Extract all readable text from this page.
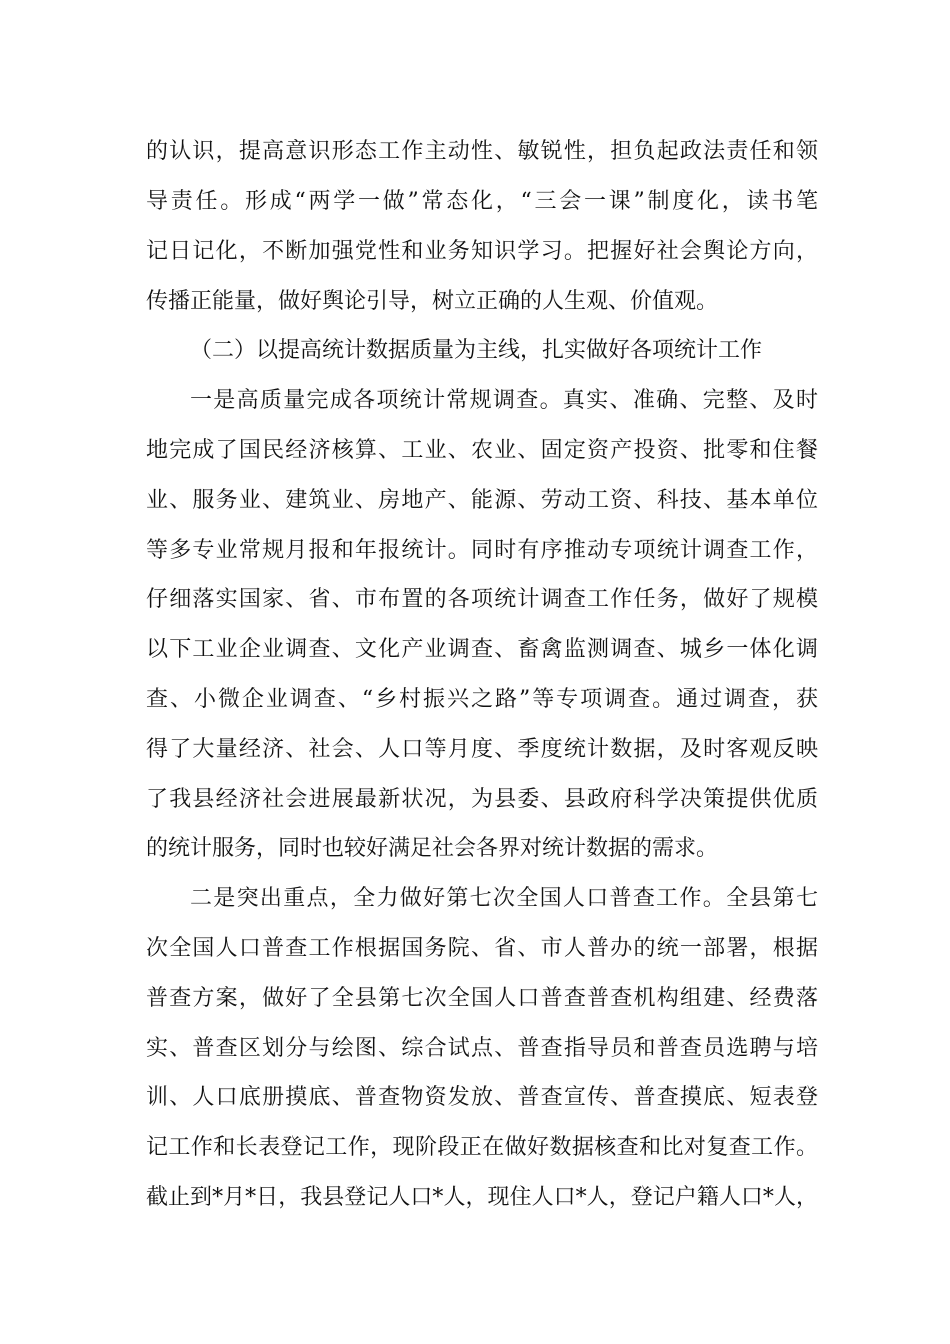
的认识，提高意识形态工作主动性、敏锐性，担负起政法责任和领

导责任。形成“两学一做”常态化，“三会一课”制度化，读书笔

记日记化，不断加强党性和业务知识学习。把握好社会舆论方向，

传播正能量，做好舆论引导，树立正确的人生观、价值观。

（二）以提高统计数据质量为主线，扎实做好各项统计工作

一是高质量完成各项统计常规调查。真实、准确、完整、及时

地完成了国民经济核算、工业、农业、固定资产投资、批零和住餐

业、服务业、建筑业、房地产、能源、劳动工资、科技、基本单位

等多专业常规月报和年报统计。同时有序推动专项统计调查工作，

仔细落实国家、省、市布置的各项统计调查工作任务，做好了规模

以下工业企业调查、文化产业调查、畜禽监测调查、城乡一体化调

查、小微企业调查、“乡村振兴之路”等专项调查。通过调查，获

得了大量经济、社会、人口等月度、季度统计数据，及时客观反映

了我县经济社会进展最新状况，为县委、县政府科学决策提供优质

的统计服务，同时也较好满足社会各界对统计数据的需求。

二是突出重点，全力做好第七次全国人口普查工作。全县第七

次全国人口普查工作根据国务院、省、市人普办的统一部署，根据

普查方案，做好了全县第七次全国人口普查普查机构组建、经费落

实、普查区划分与绘图、综合试点、普查指导员和普查员选聘与培

训、人口底册摸底、普查物资发放、普查宣传、普查摸底、短表登

记工作和长表登记工作，现阶段正在做好数据核查和比对复查工作。

截止到*月*日，我县登记人口*人，现住人口*人，登记户籍人口*人，
